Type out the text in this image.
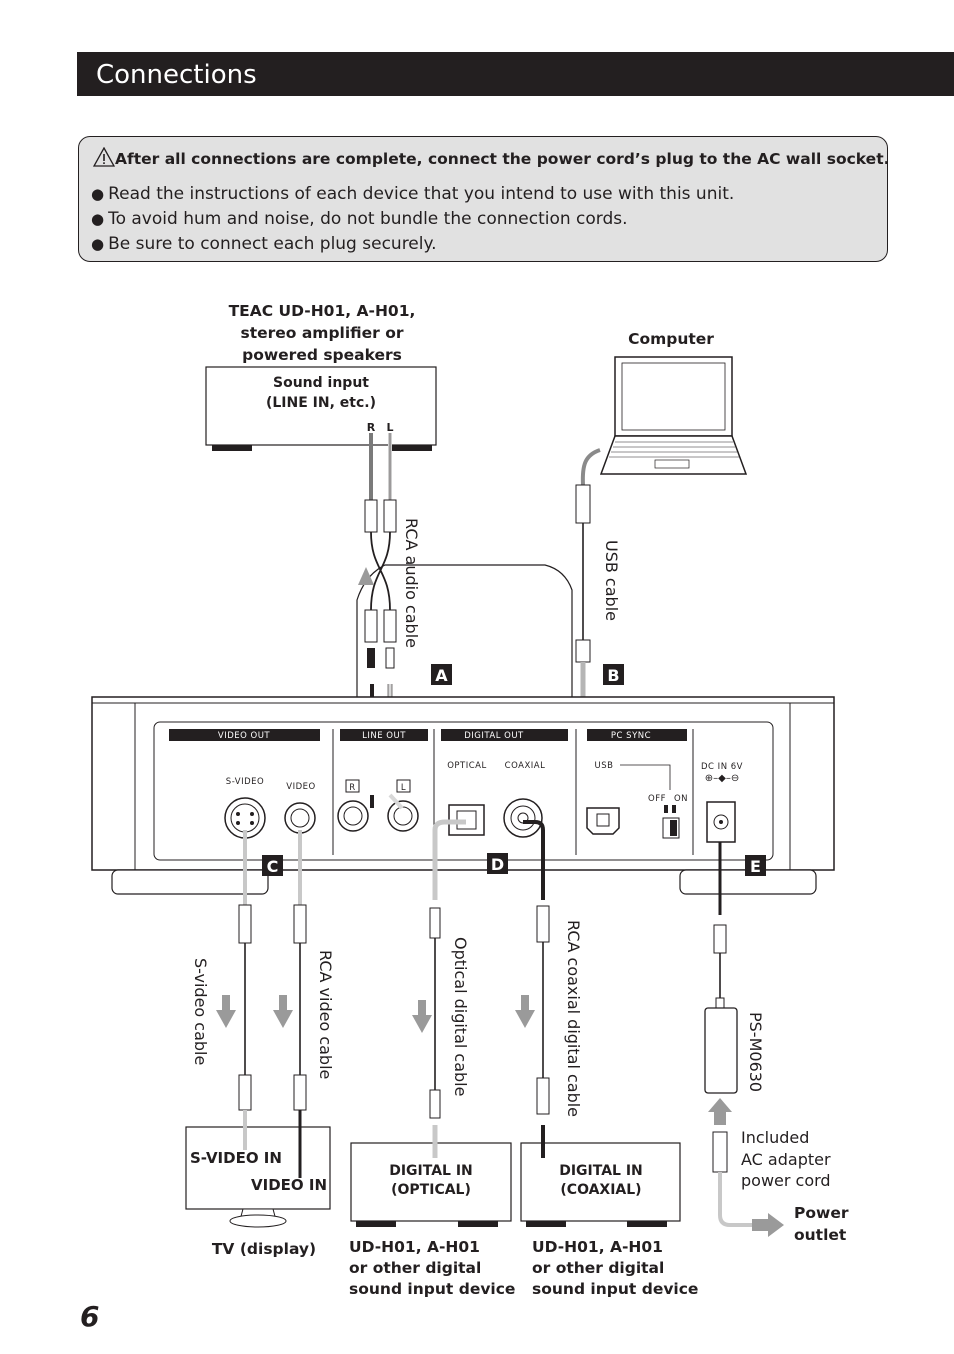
Connections
After all connections are complete, connect the power cord’s plug to the AC wall socket.
● Read the instructions of each device that you intend to use with this unit.
● To avoid hum and noise, do not bundle the connection cords.
● Be sure to connect each plug securely.
TEAC UD-H01, A-H01,
stereo amplifier or
powered speakers
Sound input
(LINE IN, etc.)
R L
Computer
RCA audio cable	USB cable
A	B
VIDEO OUT	LINE OUT	DIGITAL OUT	PC SYNC
S-VIDEO	VIDEO	R	L
OPTICAL COAXIAL	USB
OFF ON
DC IN 6V
⊕–◆–⊖
C	D	E
S-video cable	RCA video cable	Optical digital cable	RCA coaxial digital cable	PS-M0630
Included
AC adapter
power cord
Power
outlet
S-VIDEO IN
VIDEO IN
TV (display)
DIGITAL IN
(OPTICAL)
UD-H01, A-H01
or other digital
sound input device
DIGITAL IN
(COAXIAL)
UD-H01, A-H01
or other digital
sound input device
6
